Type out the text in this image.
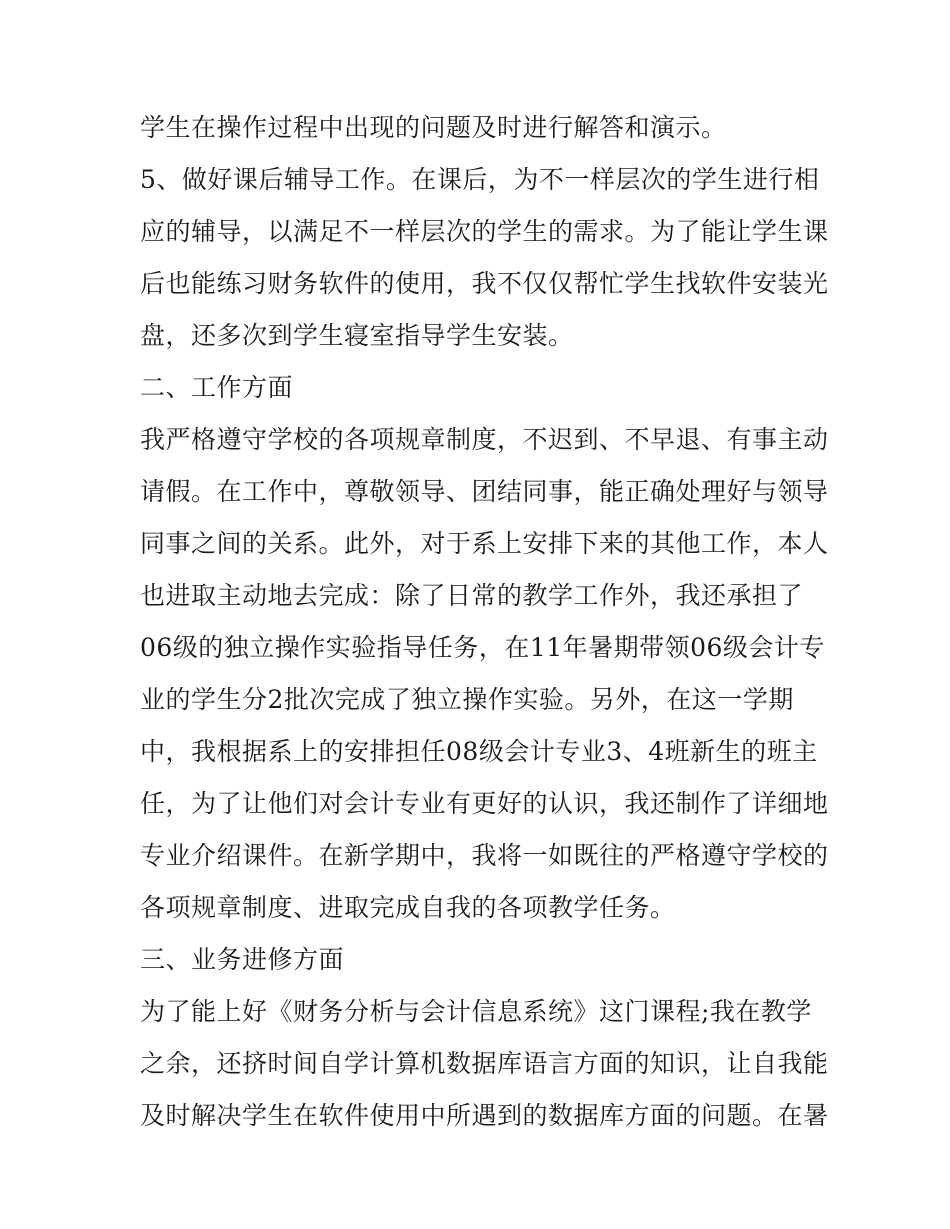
学生在操作过程中出现的问题及时进行解答和演示。
5、做好课后辅导工作。在课后，为不一样层次的学生进行相
应的辅导，以满足不一样层次的学生的需求。为了能让学生课
后也能练习财务软件的使用，我不仅仅帮忙学生找软件安装光
盘，还多次到学生寝室指导学生安装。
二、工作方面
我严格遵守学校的各项规章制度，不迟到、不早退、有事主动
请假。在工作中，尊敬领导、团结同事，能正确处理好与领导
同事之间的关系。此外，对于系上安排下来的其他工作，本人
也进取主动地去完成：除了日常的教学工作外，我还承担了
06级的独立操作实验指导任务，在11年暑期带领06级会计专
业的学生分2批次完成了独立操作实验。另外，在这一学期
中，我根据系上的安排担任08级会计专业3、4班新生的班主
任，为了让他们对会计专业有更好的认识，我还制作了详细地
专业介绍课件。在新学期中，我将一如既往的严格遵守学校的
各项规章制度、进取完成自我的各项教学任务。
三、业务进修方面
为了能上好《财务分析与会计信息系统》这门课程;我在教学
之余，还挤时间自学计算机数据库语言方面的知识，让自我能
及时解决学生在软件使用中所遇到的数据库方面的问题。在暑
